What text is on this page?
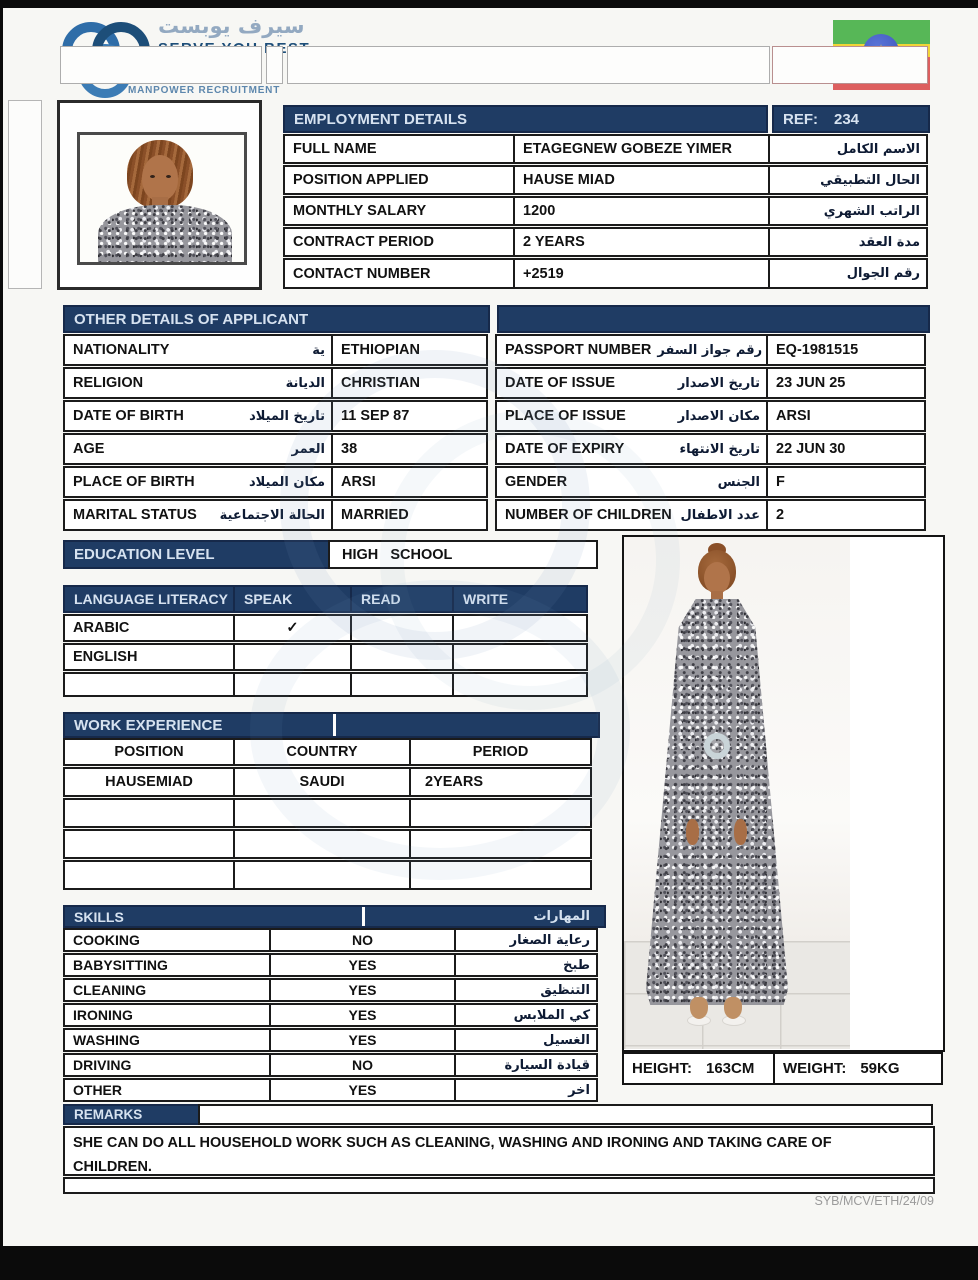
سيرف يوبست
MANPOWER RECRUITMENT
EMPLOYMENT DETAILS	REF:	234
FULL NAME	ETAGEGNEW GOBEZE YIMER	الاسم الكامل
POSITION APPLIED	HAUSE MIAD	الحال التطبيقي
MONTHLY SALARY	1200	الراتب الشهري
CONTRACT PERIOD	2 YEARS	مدة العقد
CONTACT NUMBER	+2519	رقم الجوال
OTHER DETAILS OF APPLICANT
NATIONALITY	ية	ETHIOPIAN	PASSPORT NUMBER رقم جواز السفر EQ-1981515
RELIGION	الديانة	CHRISTIAN	DATE OF ISSUE	تاريخ الاصدار	23 JUN 25
DATE OF BIRTH	تاريخ الميلاد	11 SEP 87	PLACE OF ISSUE	مكان الاصدار	ARSI
AGE	العمر	38	DATE OF EXPIRY	تاريخ الانتهاء	22 JUN 30
PLACE OF BIRTH	مكان الميلاد	ARSI	GENDER	الجنس	F
MARITAL STATUS	الحالة الاجتماعية	MARRIED	NUMBER OF CHILDREN عدد الاطفال	2
EDUCATION LEVEL	HIGH   SCHOOL
LANGUAGE LITERACY	SPEAK	READ	WRITE
ARABIC	✓
ENGLISH
WORK EXPERIENCE
POSITION	COUNTRY	PERIOD
HAUSEMIAD	SAUDI	2YEARS
SKILLS	المهارات
COOKING	NO	رعاية الصغار
BABYSITTING	YES	طبخ
CLEANING	YES	التنظيق
IRONING	YES	كي الملابس
WASHING	YES	الغسيل
DRIVING	NO	قيادة السيارة
OTHER	YES	اخر
HEIGHT: 163CM	WEIGHT: 59KG
REMARKS

SHE CAN DO ALL HOUSEHOLD WORK SUCH AS CLEANING, WASHING AND IRONING AND TAKING CARE OF CHILDREN.

SYB/MCV/ETH/24/09
